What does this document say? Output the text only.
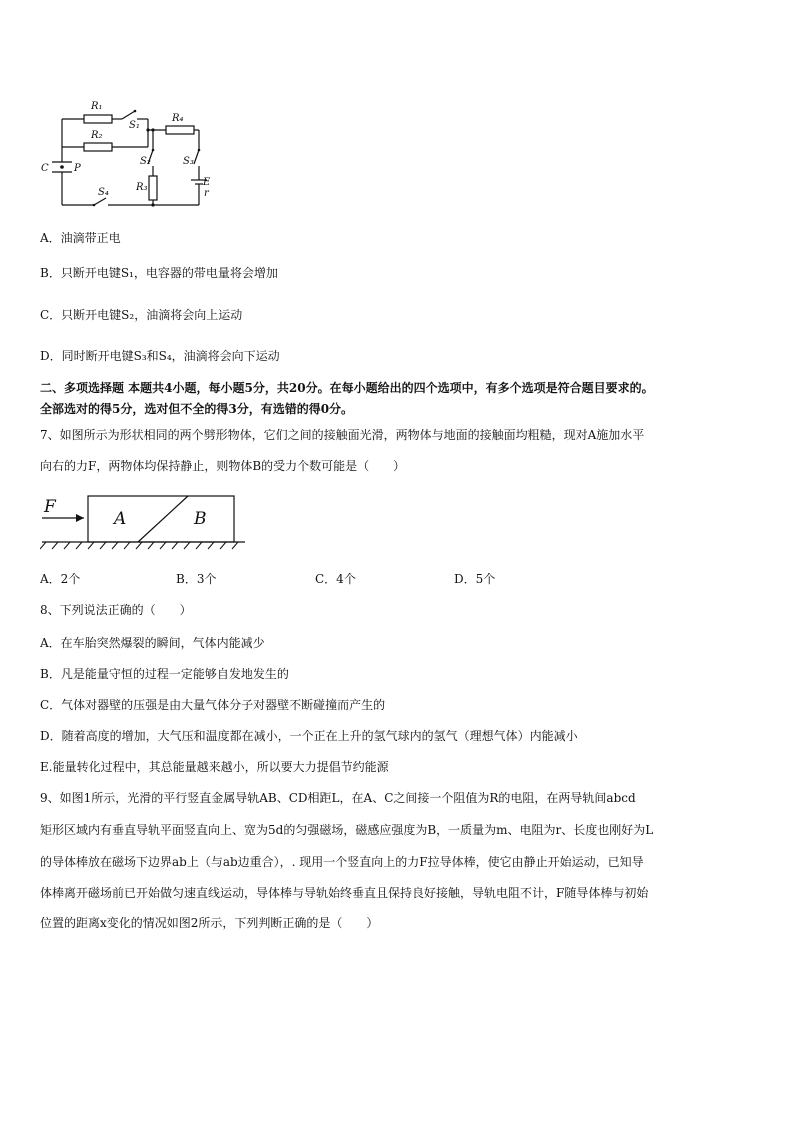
R₁
R₂
S₁
R₄
S₃
S₂
R₃	E
r
C	P
S₄
A．油滴带正电
B．只断开电键S₁，电容器的带电量将会增加
C．只断开电键S₂，油滴将会向上运动
D．同时断开电键S₃和S₄，油滴将会向下运动
二、多项选择题 本题共4小题，每小题5分，共20分。在每小题给出的四个选项中，有多个选项是符合题目要求的。
全部选对的得5分，选对但不全的得3分，有选错的得0分。
7、如图所示为形状相同的两个劈形物体，它们之间的接触面光滑，两物体与地面的接触面均粗糙，现对A施加水平
向右的力F，两物体均保持静止，则物体B的受力个数可能是（　　）
F
A	B
A．2个	B．3个	C．4个	D．5个
8、下列说法正确的（　　）
A．在车胎突然爆裂的瞬间，气体内能减少
B．凡是能量守恒的过程一定能够自发地发生的
C．气体对器壁的压强是由大量气体分子对器壁不断碰撞而产生的
D．随着高度的增加，大气压和温度都在减小，一个正在上升的氢气球内的氢气（理想气体）内能减小
E.能量转化过程中，其总能量越来越小，所以要大力提倡节约能源
9、如图1所示，光滑的平行竖直金属导轨AB、CD相距L，在A、C之间接一个阻值为R的电阻，在两导轨间abcd
矩形区域内有垂直导轨平面竖直向上、宽为5d的匀强磁场，磁感应强度为B，一质量为m、电阻为r、长度也刚好为L
的导体棒放在磁场下边界ab上（与ab边重合），. 现用一个竖直向上的力F拉导体棒，使它由静止开始运动，已知导
体棒离开磁场前已开始做匀速直线运动，导体棒与导轨始终垂直且保持良好接触，导轨电阻不计，F随导体棒与初始
位置的距离x变化的情况如图2所示，下列判断正确的是（　　）
